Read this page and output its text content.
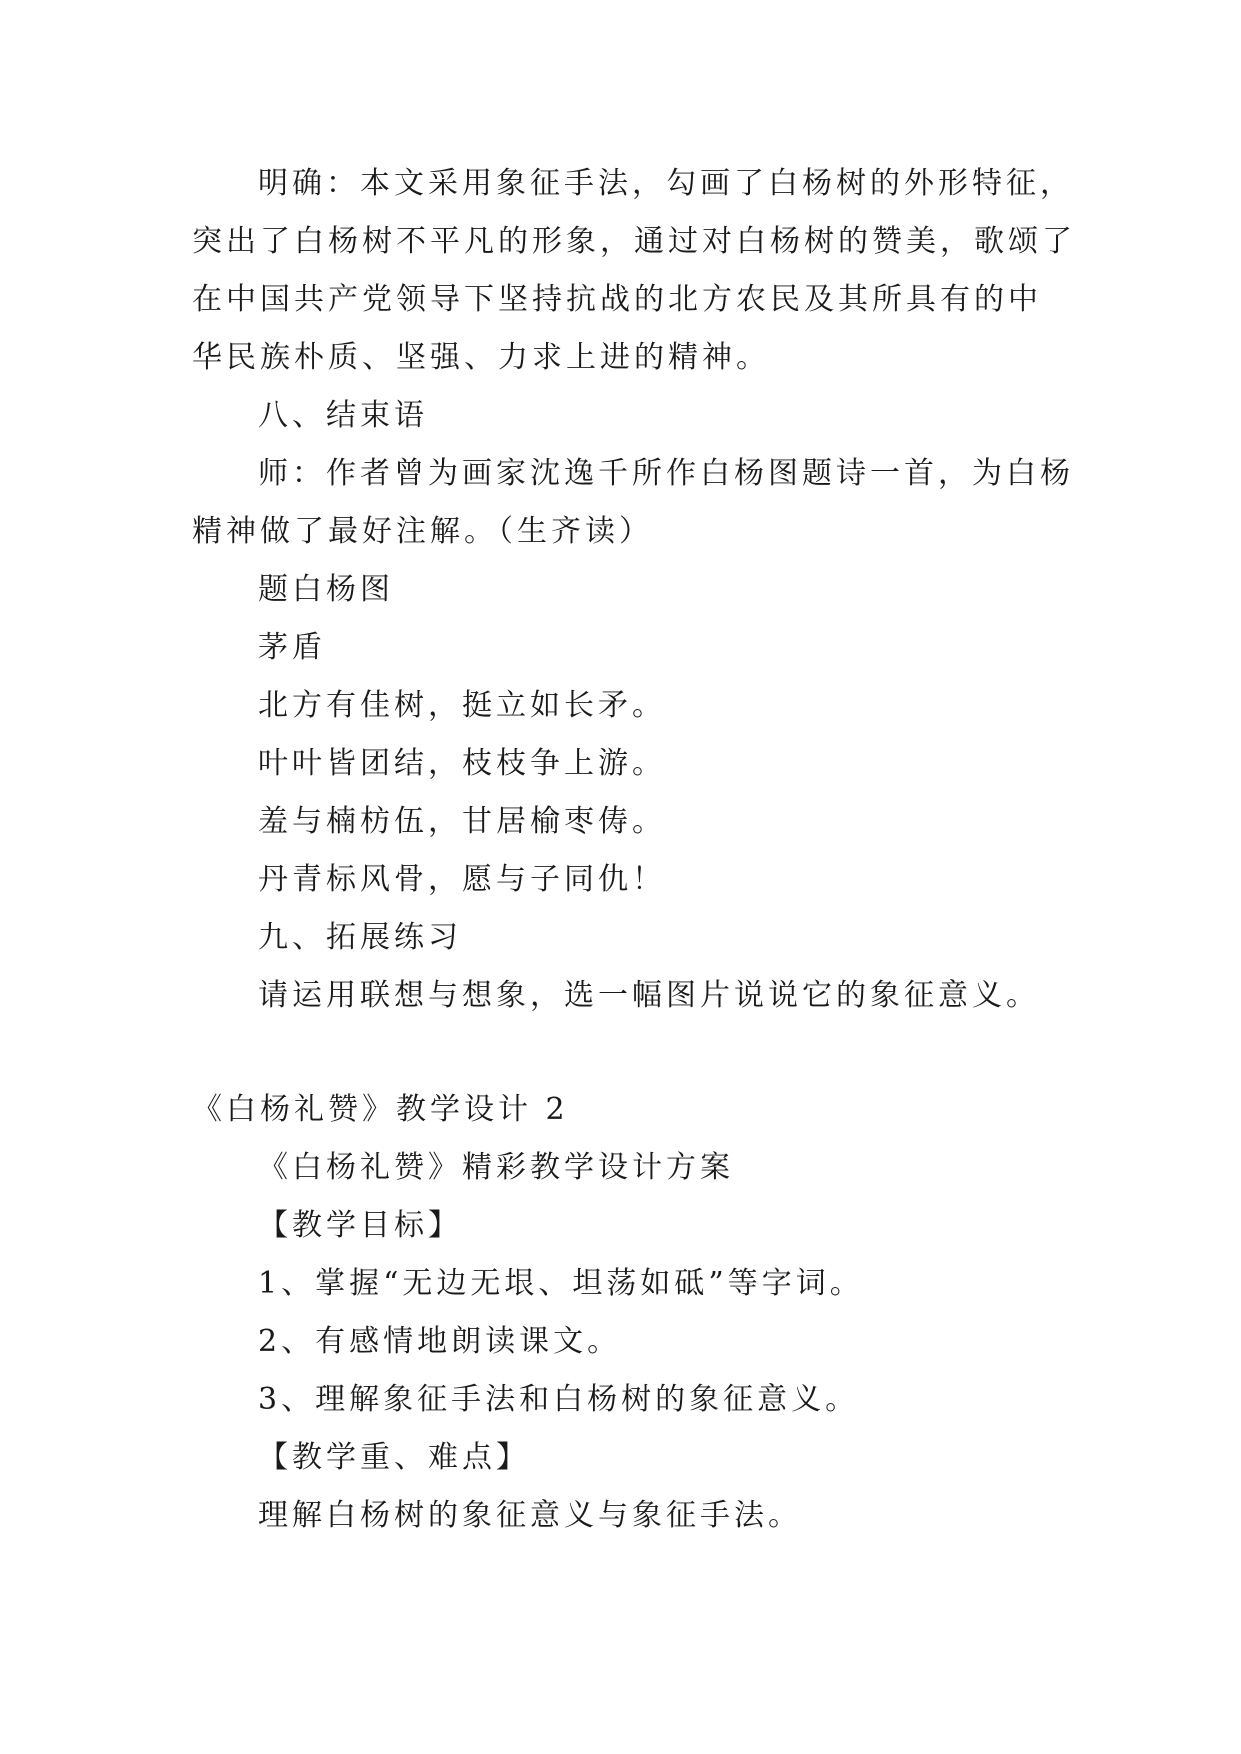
明确：本文采用象征手法，勾画了白杨树的外形特征，
突出了白杨树不平凡的形象，通过对白杨树的赞美，歌颂了
在中国共产党领导下坚持抗战的北方农民及其所具有的中
华民族朴质、坚强、力求上进的精神。
八、结束语
师：作者曾为画家沈逸千所作白杨图题诗一首，为白杨
精神做了最好注解。（生齐读）
题白杨图
茅盾
北方有佳树，挺立如长矛。
叶叶皆团结，枝枝争上游。
羞与楠枋伍，甘居榆枣俦。
丹青标风骨，愿与子同仇！
九、拓展练习
请运用联想与想象，选一幅图片说说它的象征意义。
《白杨礼赞》教学设计 2
《白杨礼赞》精彩教学设计方案
【教学目标】
1、掌握“无边无垠、坦荡如砥”等字词。
2、有感情地朗读课文。
3、理解象征手法和白杨树的象征意义。
【教学重、难点】
理解白杨树的象征意义与象征手法。
